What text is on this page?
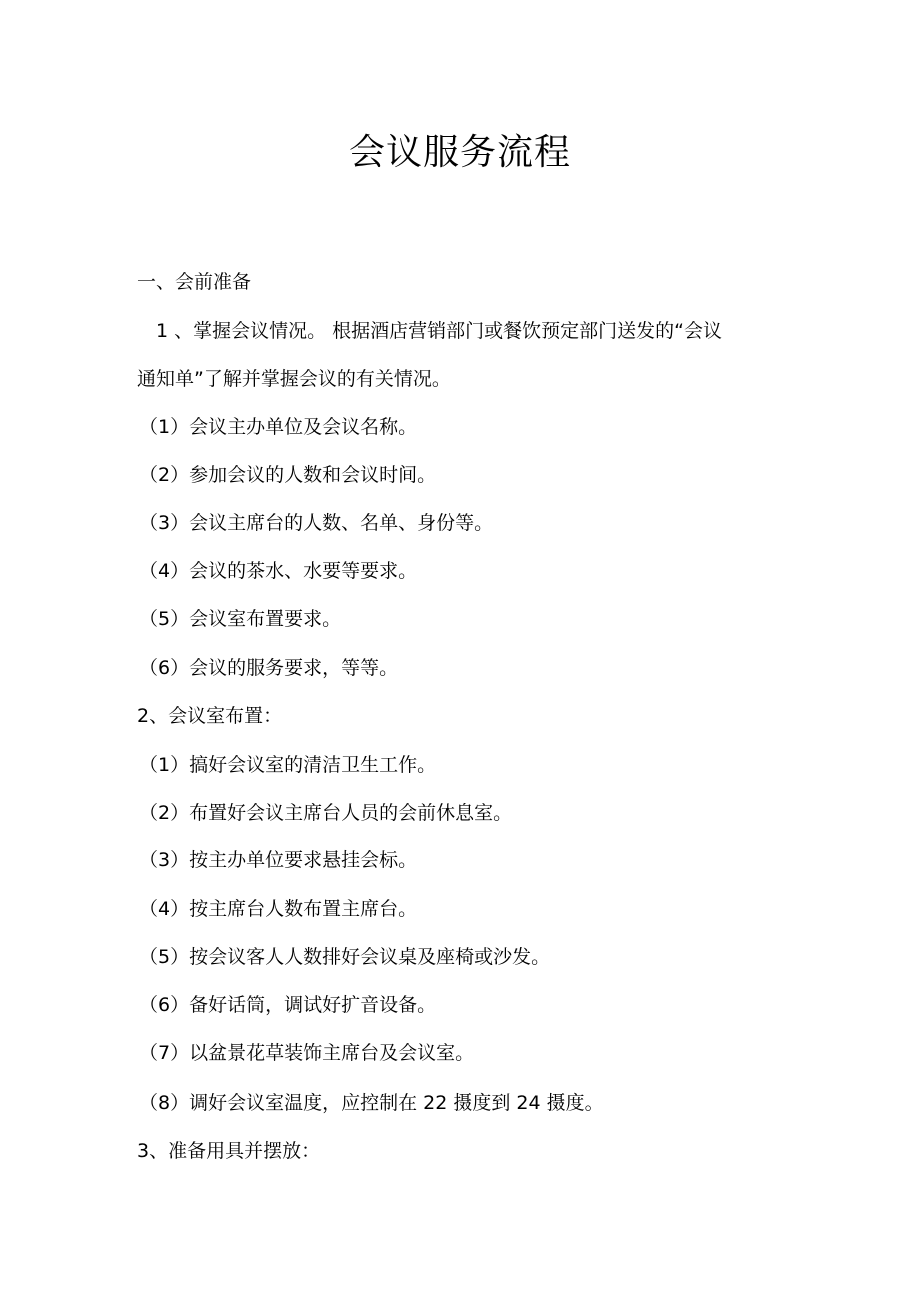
会议服务流程

一、会前准备

1 、掌握会议情况。 根据酒店营销部门或餐饮预定部门送发的“会议

通知单”了解并掌握会议的有关情况。

（1）会议主办单位及会议名称。

（2）参加会议的人数和会议时间。

（3）会议主席台的人数、名单、身份等。

（4）会议的茶水、水要等要求。

（5）会议室布置要求。

（6）会议的服务要求，等等。

2、会议室布置：

（1）搞好会议室的清洁卫生工作。

（2）布置好会议主席台人员的会前休息室。

（3）按主办单位要求悬挂会标。

（4）按主席台人数布置主席台。

（5）按会议客人人数排好会议桌及座椅或沙发。

（6）备好话筒，调试好扩音设备。

（7）以盆景花草装饰主席台及会议室。

（8）调好会议室温度，应控制在 22 摄度到 24 摄度。

3、准备用具并摆放：
